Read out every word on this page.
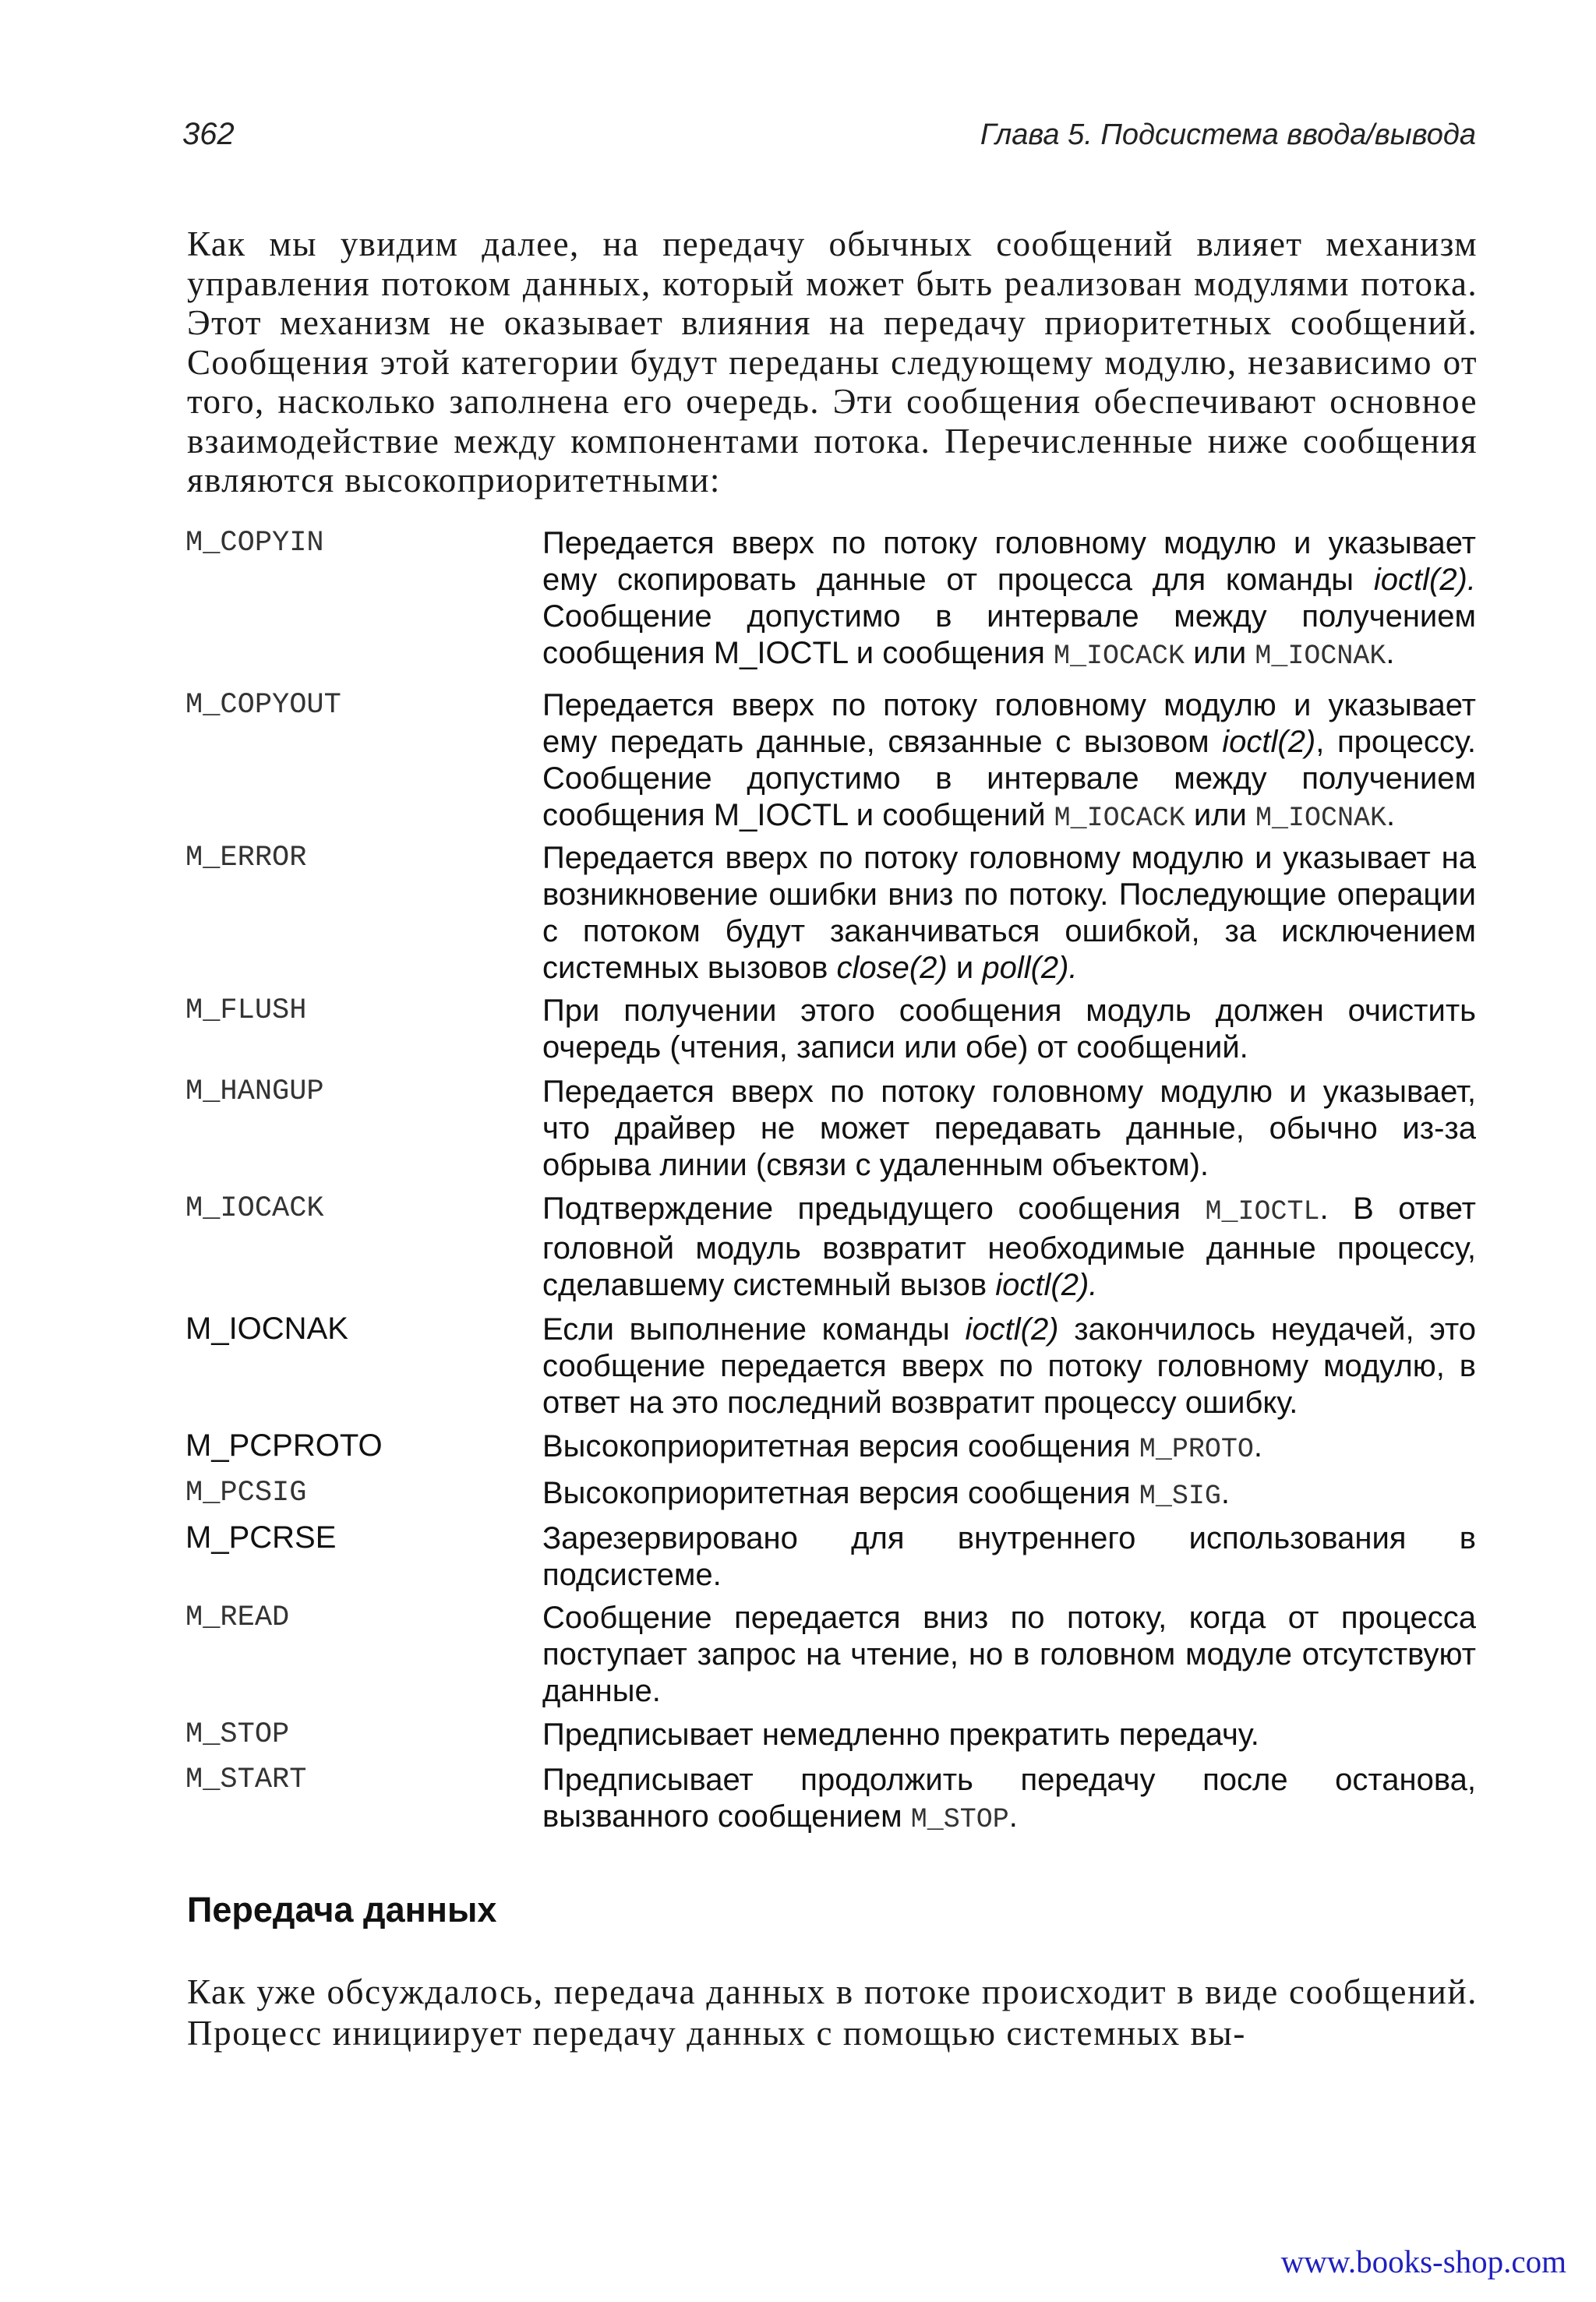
362	Глава 5. Подсистема ввода/вывода

Как мы увидим далее, на передачу обычных сообщений влияет механизм управления потоком данных, который может быть реализован модулями потока. Этот механизм не оказывает влияния на передачу приоритетных сообщений. Сообщения этой категории будут переданы следующему модулю, независимо от того, насколько заполнена его очередь. Эти сообщения обеспечивают основное взаимодействие между компонентами потока. Перечисленные ниже сообщения являются высокоприоритетными:

M_COPYIN	Передается вверх по потоку головному модулю и указывает ему скопировать данные от процесса для команды ioctl(2). Сообщение допустимо в интервале между получением сообщения M_IOCTL и сообщения M_IOCACK или M_IOCNAK.
M_COPYOUT	Передается вверх по потоку головному модулю и указывает ему передать данные, связанные с вызовом ioctl(2), процессу. Сообщение допустимо в интервале между получением сообщения M_IOCTL и сообщений M_IOCACK или M_IOCNAK.
M_ERROR	Передается вверх по потоку головному модулю и указывает на возникновение ошибки вниз по потоку. Последующие операции с потоком будут заканчиваться ошибкой, за исключением системных вызовов close(2) и poll(2).
M_FLUSH	При получении этого сообщения модуль должен очистить очередь (чтения, записи или обе) от сообщений.
M_HANGUP	Передается вверх по потоку головному модулю и указывает, что драйвер не может передавать данные, обычно из-за обрыва линии (связи с удаленным объектом).
M_IOCACK	Подтверждение предыдущего сообщения M_IOCTL. В ответ головной модуль возвратит необходимые данные процессу, сделавшему системный вызов ioctl(2).
M_IOCNAK	Если выполнение команды ioctl(2) закончилось неудачей, это сообщение передается вверх по потоку головному модулю, в ответ на это последний возвратит процессу ошибку.
M_PCPROTO	Высокоприоритетная версия сообщения M_PROTO.
M_PCSIG	Высокоприоритетная версия сообщения M_SIG.
M_PCRSE	Зарезервировано для внутреннего использования в подсистеме.
M_READ	Сообщение передается вниз по потоку, когда от процесса поступает запрос на чтение, но в головном модуле отсутствуют данные.
M_STOP	Предписывает немедленно прекратить передачу.
M_START	Предписывает продолжить передачу после останова, вызванного сообщением M_STOP.
Передача данных

Как уже обсуждалось, передача данных в потоке происходит в виде сообщений. Процесс инициирует передачу данных с помощью системных вы-

www.books-shop.com
